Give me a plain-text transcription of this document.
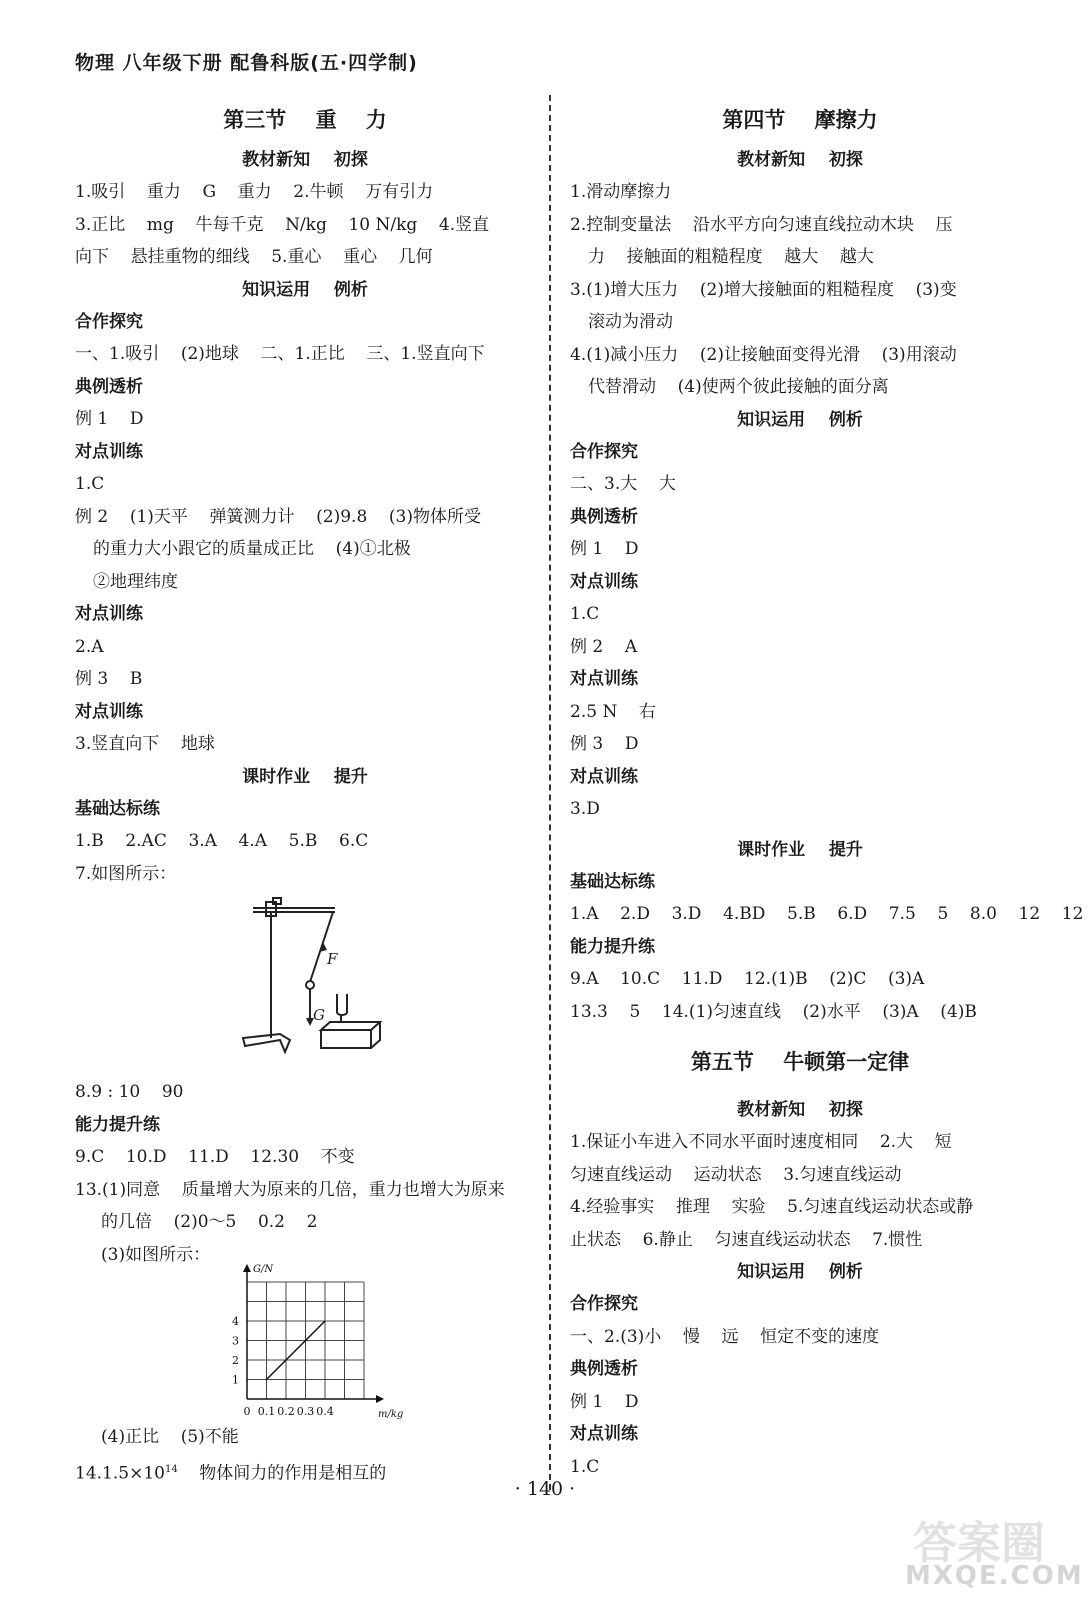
物理 八年级下册 配鲁科版(五·四学制)
第三节    重    力
教材新知    初探
1.吸引    重力    G    重力    2.牛顿    万有引力
3.正比    mg    牛每千克    N/kg    10 N/kg    4.竖直
向下    悬挂重物的细线    5.重心    重心    几何
知识运用    例析
合作探究
一、1.吸引    (2)地球    二、1.正比    三、1.竖直向下
典例透析
例 1    D
对点训练
1.C
例 2    (1)天平    弹簧测力计    (2)9.8    (3)物体所受
的重力大小跟它的质量成正比    (4)①北极
②地理纬度
对点训练
2.A
例 3    B
对点训练
3.竖直向下    地球
课时作业    提升
基础达标练
1.B    2.AC    3.A    4.A    5.B    6.C
7.如图所示：
F
G
8.9 : 10    90
能力提升练
9.C    10.D    11.D    12.30    不变
13.(1)同意    质量增大为原来的几倍，重力也增大为原来
的几倍    (2)0～5    0.2    2
(3)如图所示：
0 0.1 0.2 0.3 0.4
1
2
3
4
m/kg
G/N
(4)正比    (5)不能
$14.1.5\times 10^{14}$    物体间力的作用是相互的
第四节    摩擦力
教材新知    初探
1.滑动摩擦力
2.控制变量法    沿水平方向匀速直线拉动木块    压
力    接触面的粗糙程度    越大    越大
3.(1)增大压力    (2)增大接触面的粗糙程度    (3)变
滚动为滑动
4.(1)减小压力    (2)让接触面变得光滑    (3)用滚动
代替滑动    (4)使两个彼此接触的面分离
知识运用    例析
合作探究
二、3.大    大
典例透析
例 1    D
对点训练
1.C
例 2    A
对点训练
2.5 N    右
例 3    D
对点训练
3.D
课时作业    提升
基础达标练
1.A    2.D    3.D    4.BD    5.B    6.D    7.5    5    8.0    12    12
能力提升练
9.A    10.C    11.D    12.(1)B    (2)C    (3)A
13.3    5    14.(1)匀速直线    (2)水平    (3)A    (4)B
第五节    牛顿第一定律
教材新知    初探
1.保证小车进入不同水平面时速度相同    2.大    短
匀速直线运动    运动状态    3.匀速直线运动
4.经验事实    推理    实验    5.匀速直线运动状态或静
止状态    6.静止    匀速直线运动状态    7.惯性
知识运用    例析
合作探究
一、2.(3)小    慢    远    恒定不变的速度
典例透析
例 1    D
对点训练
1.C
· 140 ·
答案圈
MXQE.COM
